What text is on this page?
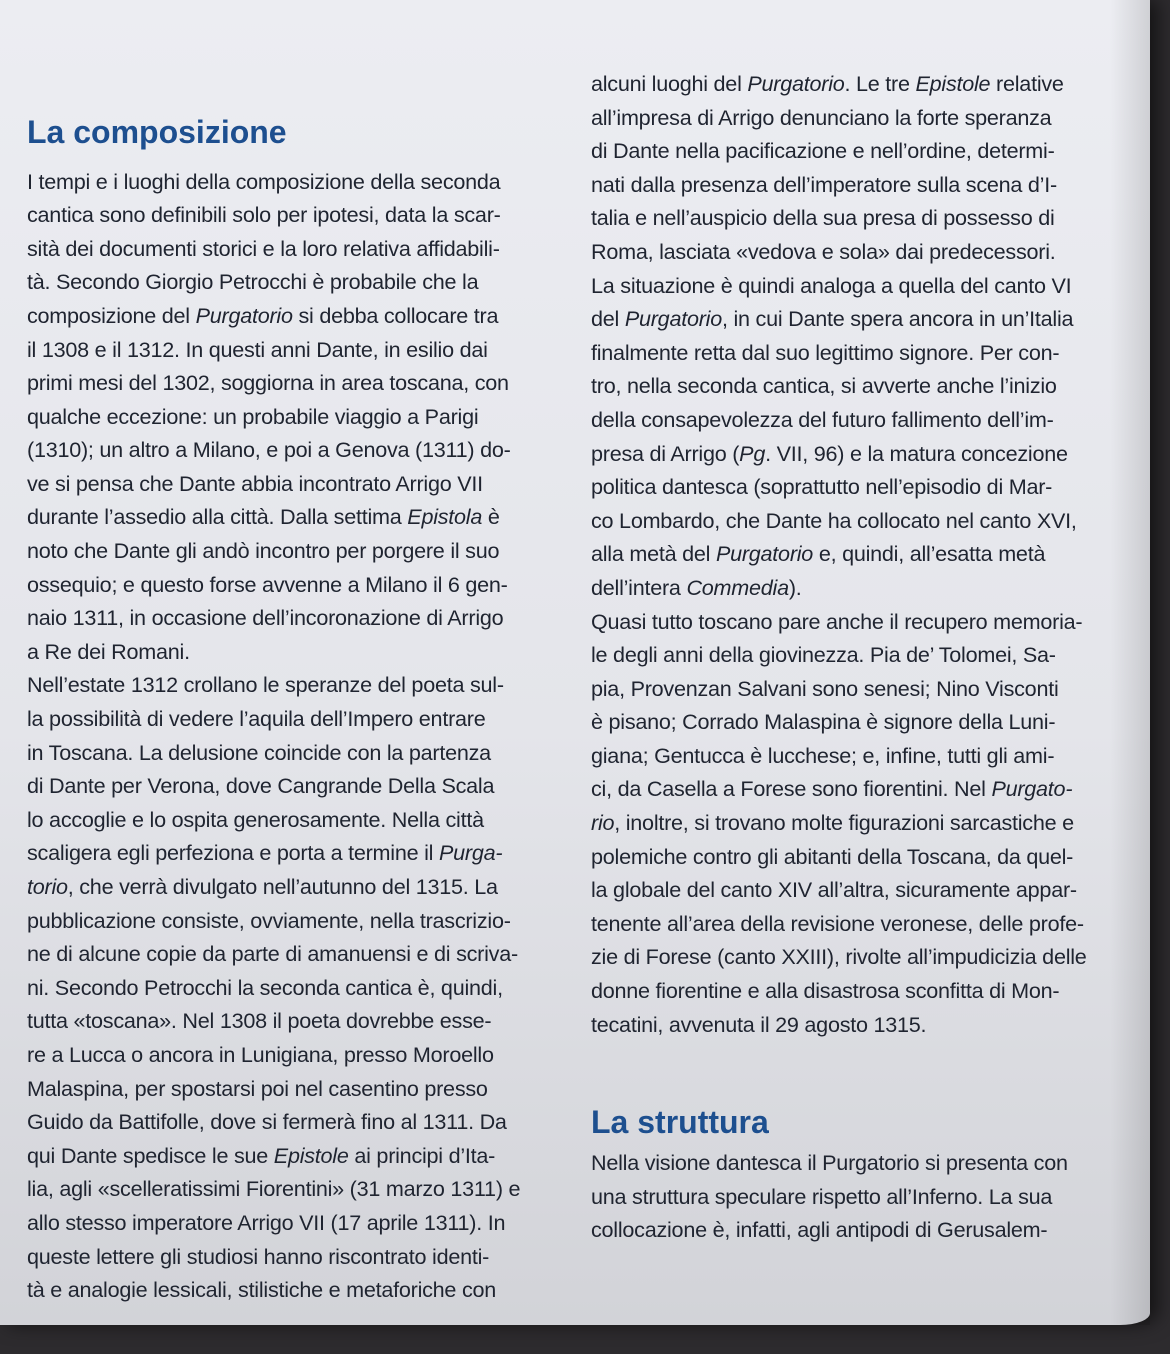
La composizione
I tempi e i luoghi della composizione della seconda
cantica sono definibili solo per ipotesi, data la scar-
sità dei documenti storici e la loro relativa affidabili-
tà. Secondo Giorgio Petrocchi è probabile che la
composizione del Purgatorio si debba collocare tra
il 1308 e il 1312. In questi anni Dante, in esilio dai
primi mesi del 1302, soggiorna in area toscana, con
qualche eccezione: un probabile viaggio a Parigi
(1310); un altro a Milano, e poi a Genova (1311) do-
ve si pensa che Dante abbia incontrato Arrigo VII
durante l’assedio alla città. Dalla settima Epistola è
noto che Dante gli andò incontro per porgere il suo
ossequio; e questo forse avvenne a Milano il 6 gen-
naio 1311, in occasione dell’incoronazione di Arrigo
a Re dei Romani.
Nell’estate 1312 crollano le speranze del poeta sul-
la possibilità di vedere l’aquila dell’Impero entrare
in Toscana. La delusione coincide con la partenza
di Dante per Verona, dove Cangrande Della Scala
lo accoglie e lo ospita generosamente. Nella città
scaligera egli perfeziona e porta a termine il Purga-
torio, che verrà divulgato nell’autunno del 1315. La
pubblicazione consiste, ovviamente, nella trascrizio-
ne di alcune copie da parte di amanuensi e di scriva-
ni. Secondo Petrocchi la seconda cantica è, quindi,
tutta «toscana». Nel 1308 il poeta dovrebbe esse-
re a Lucca o ancora in Lunigiana, presso Moroello
Malaspina, per spostarsi poi nel casentino presso
Guido da Battifolle, dove si fermerà fino al 1311. Da
qui Dante spedisce le sue Epistole ai principi d’Ita-
lia, agli «scelleratissimi Fiorentini» (31 marzo 1311) e
allo stesso imperatore Arrigo VII (17 aprile 1311). In
queste lettere gli studiosi hanno riscontrato identi-
tà e analogie lessicali, stilistiche e metaforiche con
alcuni luoghi del Purgatorio. Le tre Epistole relative
all’impresa di Arrigo denunciano la forte speranza
di Dante nella pacificazione e nell’ordine, determi-
nati dalla presenza dell’imperatore sulla scena d’I-
talia e nell’auspicio della sua presa di possesso di
Roma, lasciata «vedova e sola» dai predecessori.
La situazione è quindi analoga a quella del canto VI
del Purgatorio, in cui Dante spera ancora in un’Italia
finalmente retta dal suo legittimo signore. Per con-
tro, nella seconda cantica, si avverte anche l’inizio
della consapevolezza del futuro fallimento dell’im-
presa di Arrigo (Pg. VII, 96) e la matura concezione
politica dantesca (soprattutto nell’episodio di Mar-
co Lombardo, che Dante ha collocato nel canto XVI,
alla metà del Purgatorio e, quindi, all’esatta metà
dell’intera Commedia).
Quasi tutto toscano pare anche il recupero memoria-
le degli anni della giovinezza. Pia de’ Tolomei, Sa-
pia, Provenzan Salvani sono senesi; Nino Visconti
è pisano; Corrado Malaspina è signore della Luni-
giana; Gentucca è lucchese; e, infine, tutti gli ami-
ci, da Casella a Forese sono fiorentini. Nel Purgato-
rio, inoltre, si trovano molte figurazioni sarcastiche e
polemiche contro gli abitanti della Toscana, da quel-
la globale del canto XIV all’altra, sicuramente appar-
tenente all’area della revisione veronese, delle profe-
zie di Forese (canto XXIII), rivolte all’impudicizia delle
donne fiorentine e alla disastrosa sconfitta di Mon-
tecatini, avvenuta il 29 agosto 1315.
La struttura
Nella visione dantesca il Purgatorio si presenta con
una struttura speculare rispetto all’Inferno. La sua
collocazione è, infatti, agli antipodi di Gerusalem-
